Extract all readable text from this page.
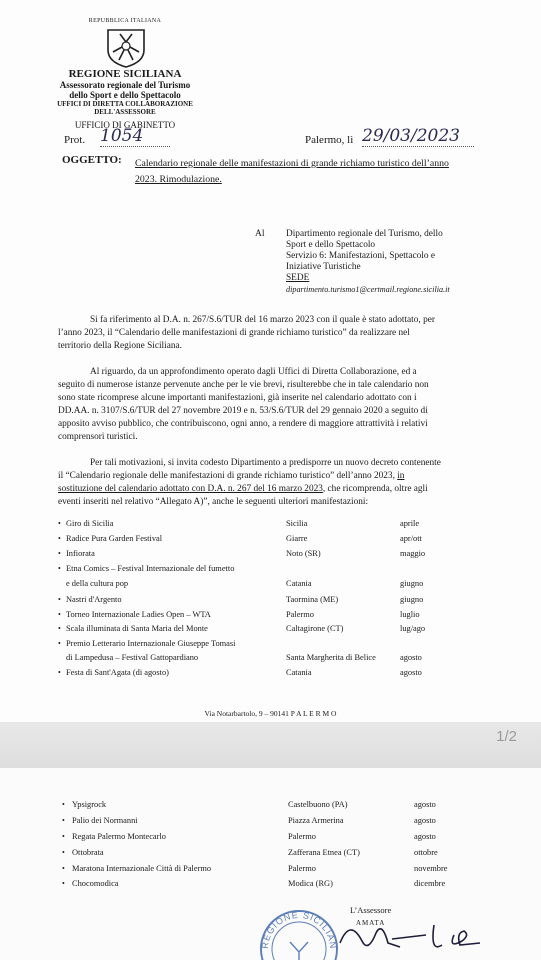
REPUBBLICA ITALIANA
REGIONE SICILIANA
Assessorato regionale del Turismo
dello Sport e dello Spettacolo
UFFICI DI DIRETTA COLLABORAZIONE DELL'ASSESSORE
UFFICIO DI GABINETTO
Prot. 1054	Palermo, lì 29/03/2023
OGGETTO: Calendario regionale delle manifestazioni di grande richiamo turistico dell’anno
2023. Rimodulazione.
Al Dipartimento regionale del Turismo, dello
Sport e dello Spettacolo
Servizio 6: Manifestazioni, Spettacolo e
Iniziative Turistiche
SEDE
dipartimento.turismo1@certmail.regione.sicilia.it
Si fa riferimento al D.A. n. 267/S.6/TUR del 16 marzo 2023 con il quale è stato adottato, per
l’anno 2023, il “Calendario delle manifestazioni di grande richiamo turistico” da realizzare nel
territorio della Regione Siciliana.
Al riguardo, da un approfondimento operato dagli Uffici di Diretta Collaborazione, ed a
seguito di numerose istanze pervenute anche per le vie brevi, risulterebbe che in tale calendario non
sono state ricomprese alcune importanti manifestazioni, già inserite nel calendario adottato con i
DD.AA. n. 3107/S.6/TUR del 27 novembre 2019 e n. 53/S.6/TUR del 29 gennaio 2020 a seguito di
apposito avviso pubblico, che contribuiscono, ogni anno, a rendere di maggiore attrattività i relativi
comprensori turistici.
Per tali motivazioni, si invita codesto Dipartimento a predisporre un nuovo decreto contenente
il “Calendario regionale delle manifestazioni di grande richiamo turistico” dell’anno 2023, in
sostituzione del calendario adottato con D.A. n. 267 del 16 marzo 2023, che ricomprenda, oltre agli
eventi inseriti nel relativo “Allegato A)”, anche le seguenti ulteriori manifestazioni:
• Giro di Sicilia	Sicilia	aprile
• Radice Pura Garden Festival	Giarre	apr/ott
• Infiorata	Noto (SR)	maggio
• Etna Comics – Festival Internazionale del fumetto
e della cultura pop	Catania	giugno
• Nastri d'Argento	Taormina (ME)	giugno
• Torneo Internazionale Ladies Open – WTA	Palermo	luglio
• Scala illuminata di Santa Maria del Monte	Caltagirone (CT)	lug/ago
• Premio Letterario Internazionale Giuseppe Tomasi
di Lampedusa – Festival Gattopardiano	Santa Margherita di Belice	agosto
• Festa di Sant'Agata (di agosto)	Catania	agosto
Via Notarbartolo, 9 – 90141 P A L E R M O
1/2
• Ypsigrock	Castelbuono (PA)	agosto
• Palio dei Normanni	Piazza Armerina	agosto
• Regata Palermo Montecarlo	Palermo	agosto
• Ottobrata	Zafferana Etnea (CT)	ottobre
• Maratona Internazionale Città di Palermo	Palermo	novembre
• Chocomodica	Modica (RG)	dicembre
REGIONE SICILIAN
L’Assessore
AMATA
